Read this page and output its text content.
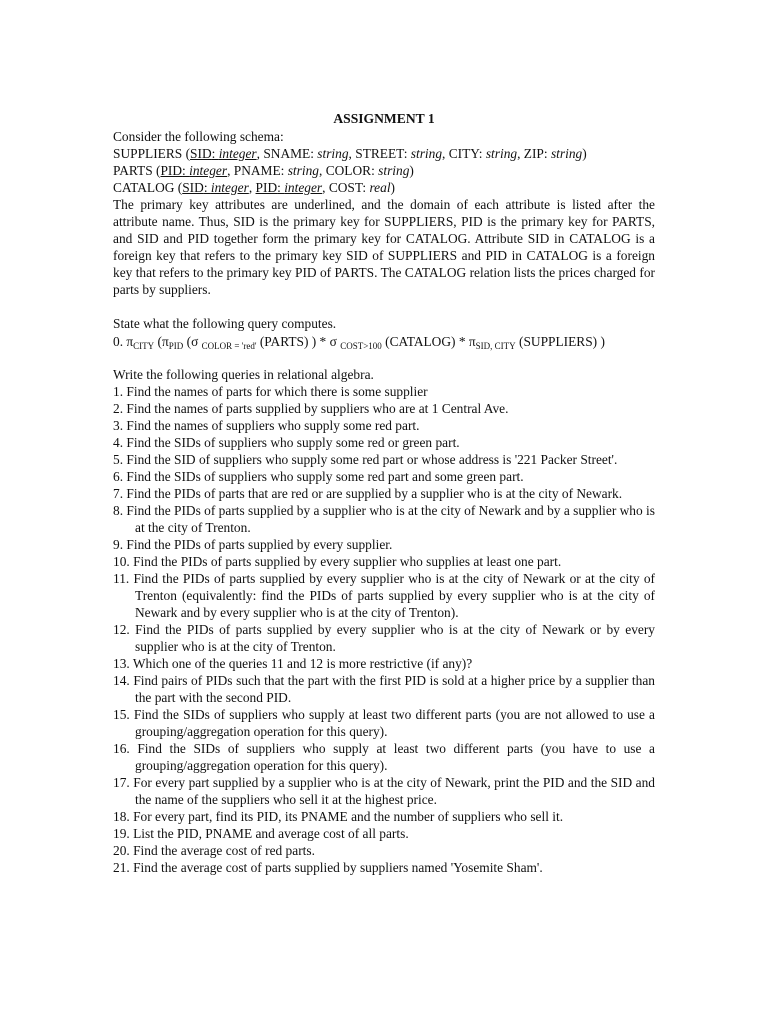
ASSIGNMENT 1

Consider the following schema:

SUPPLIERS (SID: integer, SNAME: string, STREET: string, CITY: string, ZIP: string)

PARTS (PID: integer, PNAME: string, COLOR: string)

CATALOG (SID: integer, PID: integer, COST: real)

The primary key attributes are underlined, and the domain of each attribute is listed after the attribute name. Thus, SID is the primary key for SUPPLIERS, PID is the primary key for PARTS, and SID and PID together form the primary key for CATALOG. Attribute SID in CATALOG is a foreign key that refers to the primary key SID of SUPPLIERS and PID in CATALOG is a foreign key that refers to the primary key PID of PARTS. The CATALOG relation lists the prices charged for parts by suppliers.

State what the following query computes.

0. $\pi_{CITY}$ ($\pi_{PID}$ (σ $_{COLOR = 'red'}$ (PARTS) ) * σ $_{COST>100}$ (CATALOG) * $\pi_{SID, CITY}$ (SUPPLIERS) )

Write the following queries in relational algebra.

1. Find the names of parts for which there is some supplier
2. Find the names of parts supplied by suppliers who are at 1 Central Ave.
3. Find the names of suppliers who supply some red part.
4. Find the SIDs of suppliers who supply some red or green part.
5. Find the SID of suppliers who supply some red part or whose address is '221 Packer Street'.
6. Find the SIDs of suppliers who supply some red part and some green part.
7. Find the PIDs of parts that are red or are supplied by a supplier who is at the city of Newark.
8. Find the PIDs of parts supplied by a supplier who is at the city of Newark and by a supplier who is at the city of Trenton.
9. Find the PIDs of parts supplied by every supplier.
10. Find the PIDs of parts supplied by every supplier who supplies at least one part.
11. Find the PIDs of parts supplied by every supplier who is at the city of Newark or at the city of Trenton (equivalently: find the PIDs of parts supplied by every supplier who is at the city of Newark and by every supplier who is at the city of Trenton).
12. Find the PIDs of parts supplied by every supplier who is at the city of Newark or by every supplier who is at the city of Trenton.
13. Which one of the queries 11 and 12 is more restrictive (if any)?
14. Find pairs of PIDs such that the part with the first PID is sold at a higher price by a supplier than the part with the second PID.
15. Find the SIDs of suppliers who supply at least two different parts (you are not allowed to use a grouping/aggregation operation for this query).
16. Find the SIDs of suppliers who supply at least two different parts (you have to use a grouping/aggregation operation for this query).
17. For every part supplied by a supplier who is at the city of Newark, print the PID and the SID and the name of the suppliers who sell it at the highest price.
18. For every part, find its PID, its PNAME and the number of suppliers who sell it.
19. List the PID, PNAME and average cost of all parts.
20. Find the average cost of red parts.
21. Find the average cost of parts supplied by suppliers named 'Yosemite Sham'.
